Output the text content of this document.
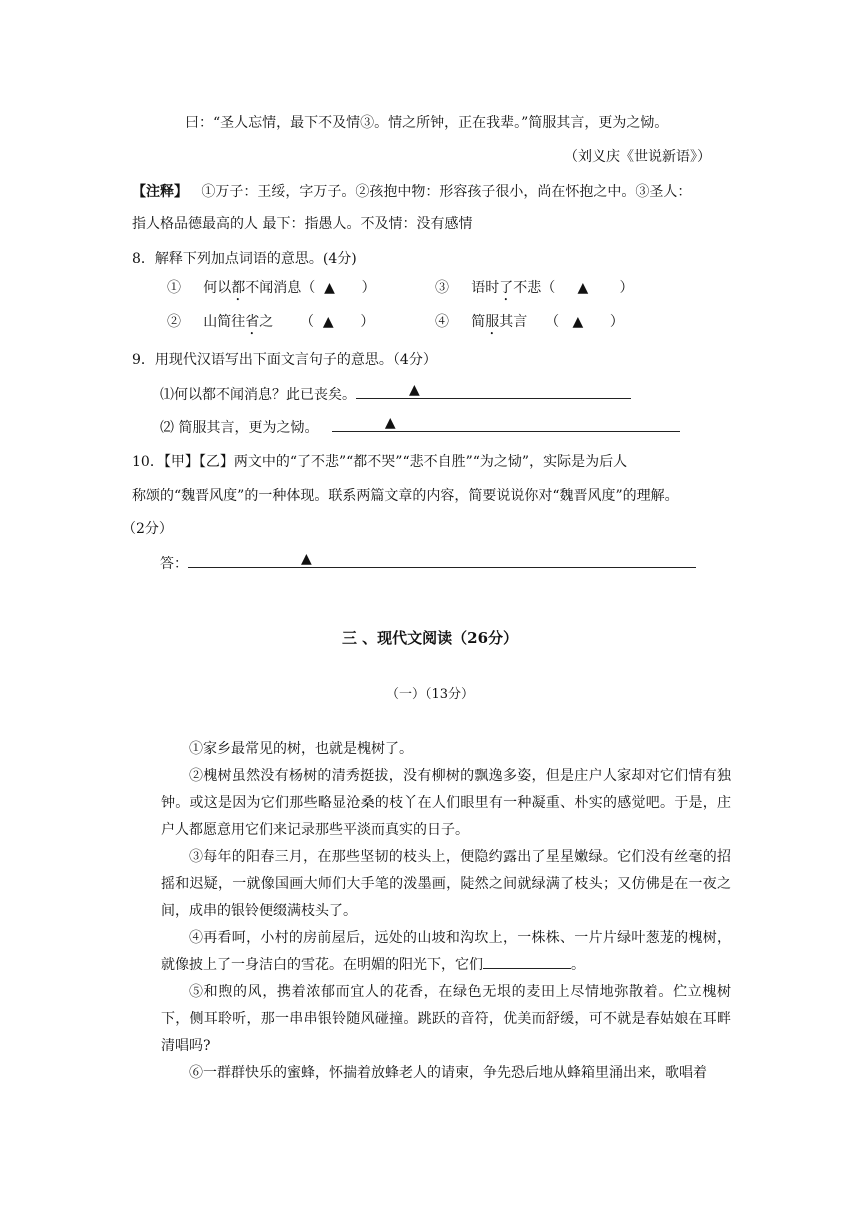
曰：“圣人忘情，最下不及情③。情之所钟，正在我辈。”简服其言，更为之恸。
（刘义庆《世说新语》）
【注释】 ①万子：王绥，字万子。②孩抱中物：形容孩子很小，尚在怀抱之中。③圣人：
指人格品德最高的人 最下：指愚人。不及情：没有感情
8．解释下列加点词语的意思。(4分)
① 何以都不闻消息（ ▲ ）	③ 语时了不悲（ ▲ ）
② 山简往省之 （ ▲ ）	④ 简服其言 （ ▲ ）
9．用现代汉语写出下面文言句子的意思。（4分）
⑴何以都不闻消息？此已丧矣。	▲
⑵ 简服其言，更为之恸。	▲
10．【甲】【乙】两文中的“了不悲”“都不哭”“悲不自胜”“为之恸”，实际是为后人
称颂的“魏晋风度”的一种体现。联系两篇文章的内容，简要说说你对“魏晋风度”的理解。
（2分）
答：	▲
三 、现代文阅读（26分）
（一）（13分）
①家乡最常见的树，也就是槐树了。
②槐树虽然没有杨树的清秀挺拔，没有柳树的飘逸多姿，但是庄户人家却对它们情有独钟。或这是因为它们那些略显沧桑的枝丫在人们眼里有一种凝重、朴实的感觉吧。于是，庄户人都愿意用它们来记录那些平淡而真实的日子。
③每年的阳春三月，在那些坚韧的枝头上，便隐约露出了星星嫩绿。它们没有丝毫的招摇和迟疑，一就像国画大师们大手笔的泼墨画，陡然之间就绿满了枝头；又仿佛是在一夜之间，成串的银铃便缀满枝头了。
④再看呵，小村的房前屋后，远处的山坡和沟坎上，一株株、一片片绿叶葱茏的槐树，就像披上了一身洁白的雪花。在明媚的阳光下，它们	。
⑤和煦的风，携着浓郁而宜人的花香，在绿色无垠的麦田上尽情地弥散着。伫立槐树下，侧耳聆听，那一串串银铃随风碰撞。跳跃的音符，优美而舒缓，可不就是春姑娘在耳畔清唱吗?
⑥一群群快乐的蜜蜂，怀揣着放蜂老人的请柬，争先恐后地从蜂箱里涌出来，歌唱着
